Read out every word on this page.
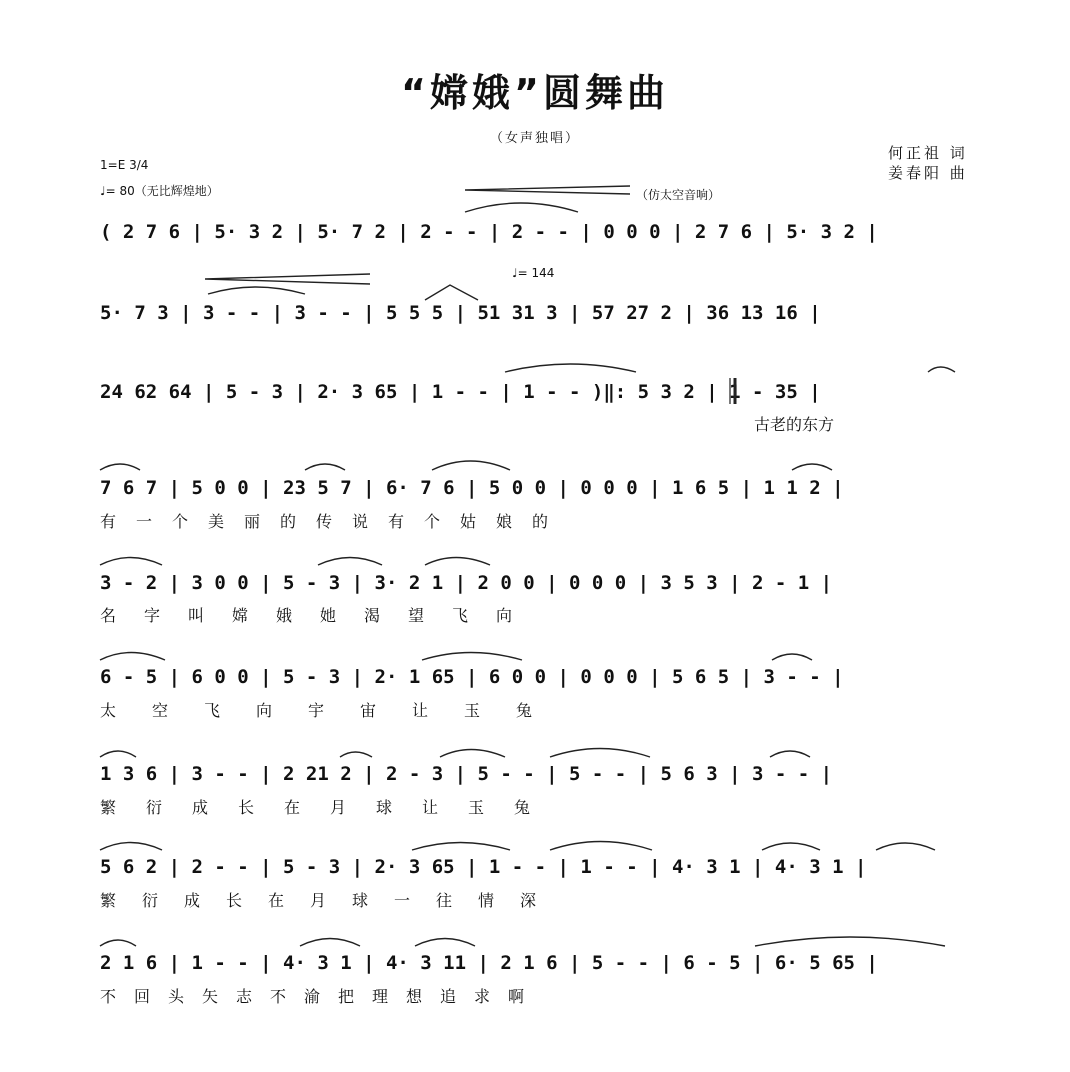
“嫦娥”圆舞曲
（女声独唱）
何正祖 词
姜春阳 曲
1=E 3/4
♩= 80（无比辉煌地）	（仿太空音响）
♩= 144
( 2 7 6 | 5· 3 2 | 5· 7 2 | 2 - - | 2 - - | 0 0 0 | 2 7 6 | 5· 3 2 |
5· 7 3 | 3 - - | 3 - - | 5 5 5 | 51 31 3 | 57 27 2 | 36 13 16 |
24 62 64 | 5 - 3 | 2· 3 65 | 1 - - | 1 - - )‖: 5 3 2 | 1 - 35 |
古老的东方
7 6 7 | 5 0 0 | 23 5 7 | 6· 7 6 | 5 0 0 | 0 0 0 | 1 6 5 | 1 1 2 |
有一个美丽的传说有个姑娘的
3 - 2 | 3 0 0 | 5 - 3 | 3· 2 1 | 2 0 0 | 0 0 0 | 3 5 3 | 2 - 1 |
名字叫嫦娥她渴望飞向
6 - 5 | 6 0 0 | 5 - 3 | 2· 1 65 | 6 0 0 | 0 0 0 | 5 6 5 | 3 - - |
太空飞向宇宙让玉兔
1 3 6 | 3 - - | 2 21 2 | 2 - 3 | 5 - - | 5 - - | 5 6 3 | 3 - - |
繁衍成长在月球让玉兔
5 6 2 | 2 - - | 5 - 3 | 2· 3 65 | 1 - - | 1 - - | 4· 3 1 | 4· 3 1 |
繁衍成长在月球一往情深
2 1 6 | 1 - - | 4· 3 1 | 4· 3 11 | 2 1 6 | 5 - - | 6 - 5 | 6· 5 65 |
不回头矢志不渝把理想追求啊
